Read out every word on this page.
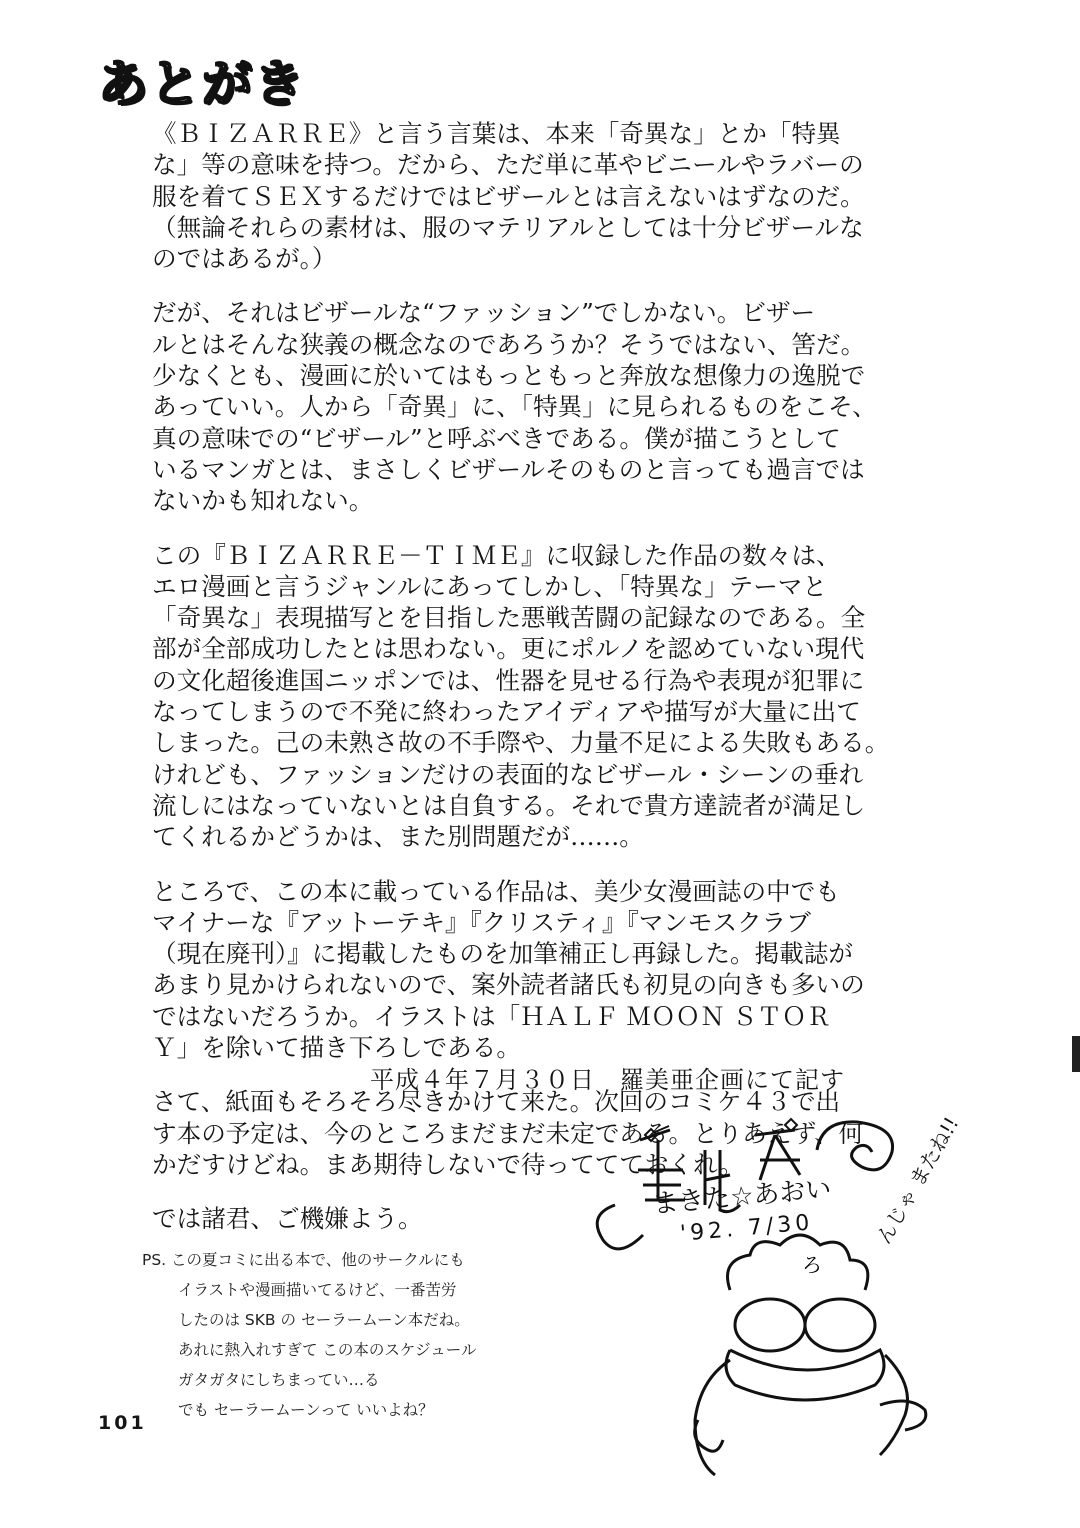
あとがき

《ＢＩＺＡＲＲＥ》と言う言葉は、本来「奇異な」とか「特異
な」等の意味を持つ。だから、ただ単に革やビニールやラバーの
服を着てＳＥＸするだけではビザールとは言えないはずなのだ。
（無論それらの素材は、服のマテリアルとしては十分ビザールな
のではあるが。）

だが、それはビザールな“ファッション”でしかない。ビザー
ルとはそんな狭義の概念なのであろうか？そうではない、筈だ。
少なくとも、漫画に於いてはもっともっと奔放な想像力の逸脱で
あっていい。人から「奇異」に、「特異」に見られるものをこそ、
真の意味での“ビザール”と呼ぶべきである。僕が描こうとして
いるマンガとは、まさしくビザールそのものと言っても過言では
ないかも知れない。

この『ＢＩＺＡＲＲＥ－ＴＩＭＥ』に収録した作品の数々は、
エロ漫画と言うジャンルにあってしかし、「特異な」テーマと
「奇異な」表現描写とを目指した悪戦苦闘の記録なのである。全
部が全部成功したとは思わない。更にポルノを認めていない現代
の文化超後進国ニッポンでは、性器を見せる行為や表現が犯罪に
なってしまうので不発に終わったアイディアや描写が大量に出て
しまった。己の未熟さ故の不手際や、力量不足による失敗もある。
けれども、ファッションだけの表面的なビザール・シーンの垂れ
流しにはなっていないとは自負する。それで貴方達読者が満足し
てくれるかどうかは、また別問題だが……。

ところで、この本に載っている作品は、美少女漫画誌の中でも
マイナーな『アットーテキ』『クリスティ』『マンモスクラブ
（現在廃刊）』に掲載したものを加筆補正し再録した。掲載誌が
あまり見かけられないので、案外読者諸氏も初見の向きも多いの
ではないだろうか。イラストは「ＨＡＬＦ ＭＯＯＮ ＳＴＯＲ
Ｙ」を除いて描き下ろしである。

さて、紙面もそろそろ尽きかけて来た。次回のコミケ４３で出
す本の予定は、今のところまだまだ未定である。とりあえず、何
かだすけどね。まあ期待しないで待っててておくれ。

では諸君、ご機嫌よう。

平成４年７月３０日　羅美亜企画にて記す
まきた☆あおい
'92. 7/30
PS. この夏コミに出る本で、他のサークルにも
イラストや漫画描いてるけど、一番苦労
したのは SKB の セーラームーン本だね。
あれに熱入れすぎて この本のスケジュール
ガタガタにしちまってい…る
でも セーラームーンって いいよね？
ろ
んじゃ またね!!
101
